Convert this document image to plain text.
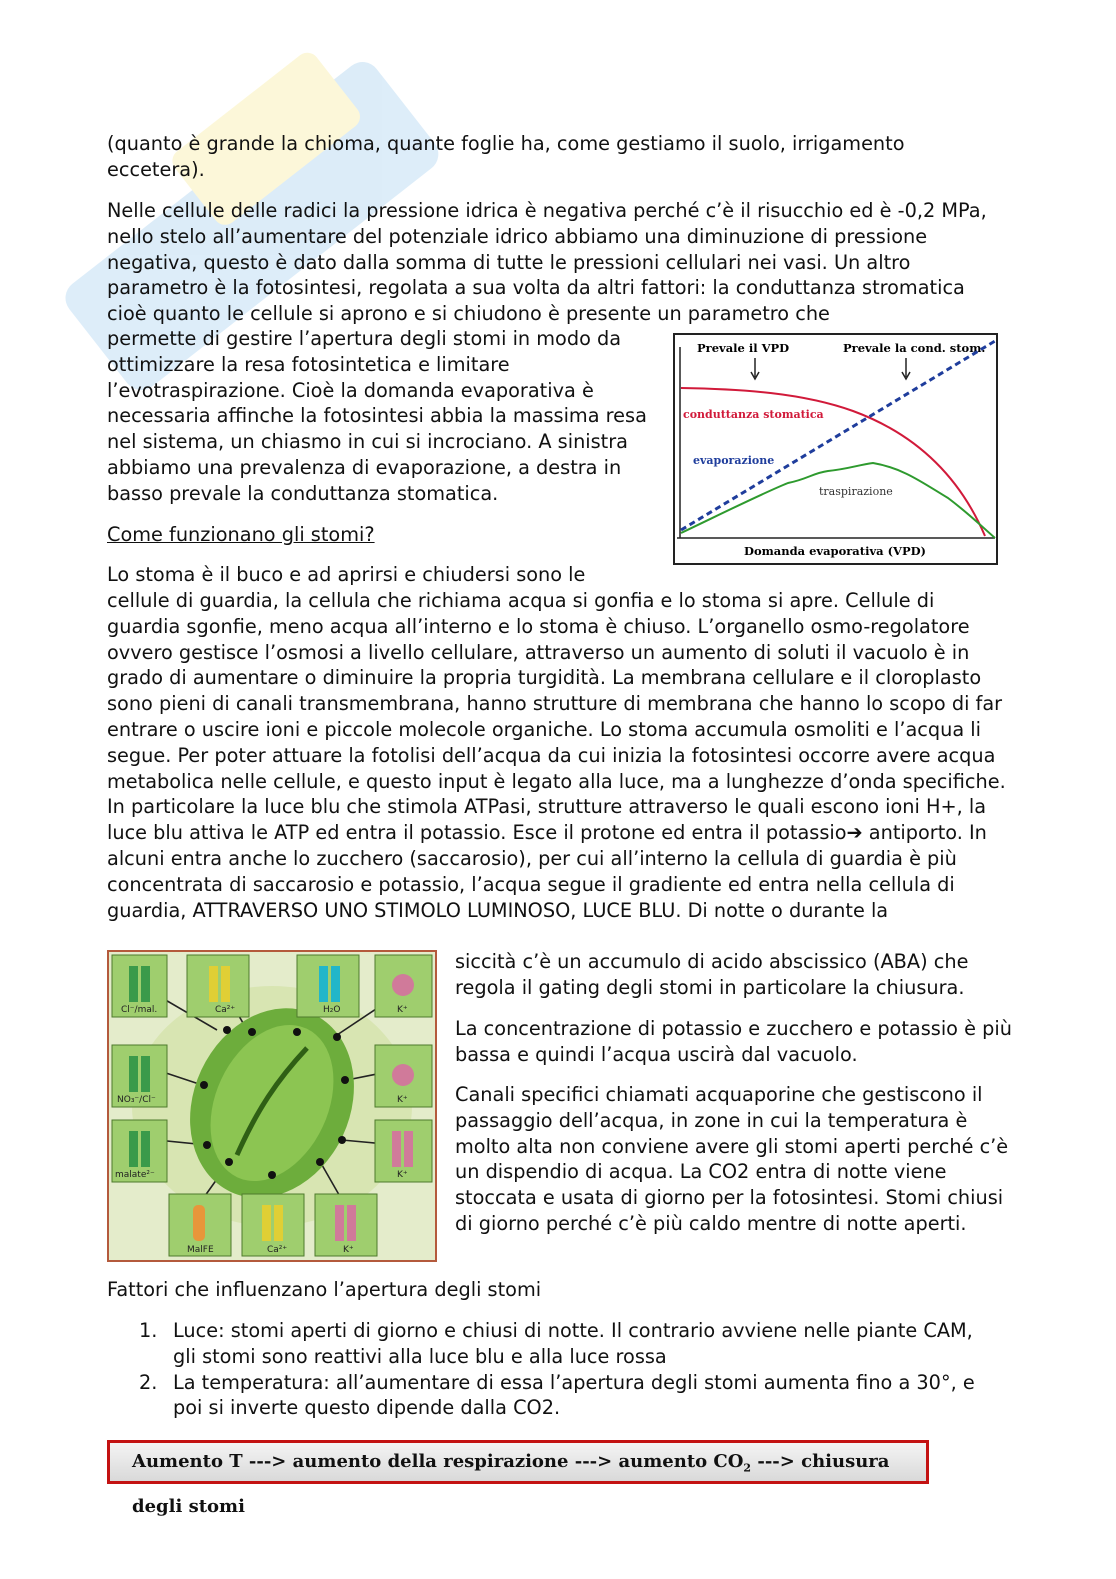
(quanto è grande la chioma, quante foglie ha, come gestiamo il suolo, irrigamento eccetera).

Nelle cellule delle radici la pressione idrica è negativa perché c’è il risucchio ed è -0,2 MPa, nello stelo all’aumentare del potenziale idrico abbiamo una diminuzione di pressione negativa, questo è dato dalla somma di tutte le pressioni cellulari nei vasi. Un altro parametro è la fotosintesi, regolata a sua volta da altri fattori: la conduttanza stromatica cioè quanto le cellule si aprono e si chiudono è presente un parametro che

permette di gestire l’apertura degli stomi in modo da ottimizzare la resa fotosintetica e limitare l’evotraspirazione. Cioè la domanda evaporativa è necessaria affinche la fotosintesi abbia la massima resa nel sistema, un chiasmo in cui si incrociano. A sinistra abbiamo una prevalenza di evaporazione, a destra in basso prevale la conduttanza stomatica.

Come funzionano gli stomi?

Lo stoma è il buco e ad aprirsi e chiudersi sono le

cellule di guardia, la cellula che richiama acqua si gonfia e lo stoma si apre. Cellule di guardia sgonfie, meno acqua all’interno e lo stoma è chiuso. L’organello osmo-regolatore ovvero gestisce l’osmosi a livello cellulare, attraverso un aumento di soluti il vacuolo è in grado di aumentare o diminuire la propria turgidità. La membrana cellulare e il cloroplasto sono pieni di canali transmembrana, hanno strutture di membrana che hanno lo scopo di far entrare o uscire ioni e piccole molecole organiche. Lo stoma accumula osmoliti e l’acqua li segue. Per poter attuare la fotolisi dell’acqua da cui inizia la fotosintesi occorre avere acqua metabolica nelle cellule, e questo input è legato alla luce, ma a lunghezze d’onda specifiche. In particolare la luce blu che stimola ATPasi, strutture attraverso le quali escono ioni H+, la luce blu attiva le ATP ed entra il potassio. Esce il protone ed entra il potassio➔ antiporto. In alcuni entra anche lo zucchero (saccarosio), per cui all’interno la cellula di guardia è più concentrata di saccarosio e potassio, l’acqua segue il gradiente ed entra nella cellula di guardia, ATTRAVERSO UNO STIMOLO LUMINOSO, LUCE BLU. Di notte o durante la

siccità c’è un accumulo di acido abscissico (ABA) che regola il gating degli stomi in particolare la chiusura.

La concentrazione di potassio e zucchero e potassio è più bassa e quindi l’acqua uscirà dal vacuolo.

Canali specifici chiamati acquaporine che gestiscono il passaggio dell’acqua, in zone in cui la temperatura è molto alta non conviene avere gli stomi aperti perché c’è un dispendio di acqua. La CO2 entra di notte viene stoccata e usata di giorno per la fotosintesi. Stomi chiusi di giorno perché c’è più caldo mentre di notte aperti.

Fattori che influenzano l’apertura degli stomi

1. Luce: stomi aperti di giorno e chiusi di notte. Il contrario avviene nelle piante CAM, gli stomi sono reattivi alla luce blu e alla luce rossa
2. La temperatura: all’aumentare di essa l’apertura degli stomi aumenta fino a 30°, e poi si inverte questo dipende dalla CO2.
Prevale il VPD	Prevale la cond. stom.
conduttanza stomatica
evaporazione
traspirazione
Domanda evaporativa (VPD)
Cl⁻/mal.	Ca²⁺	H₂O	K⁺
NO₃⁻/Cl⁻	K⁺
malate²⁻	K⁺
MalFE	Ca²⁺	K⁺
Aumento T ---> aumento della respirazione ---> aumento $CO_2$ ---> chiusura degli stomi
